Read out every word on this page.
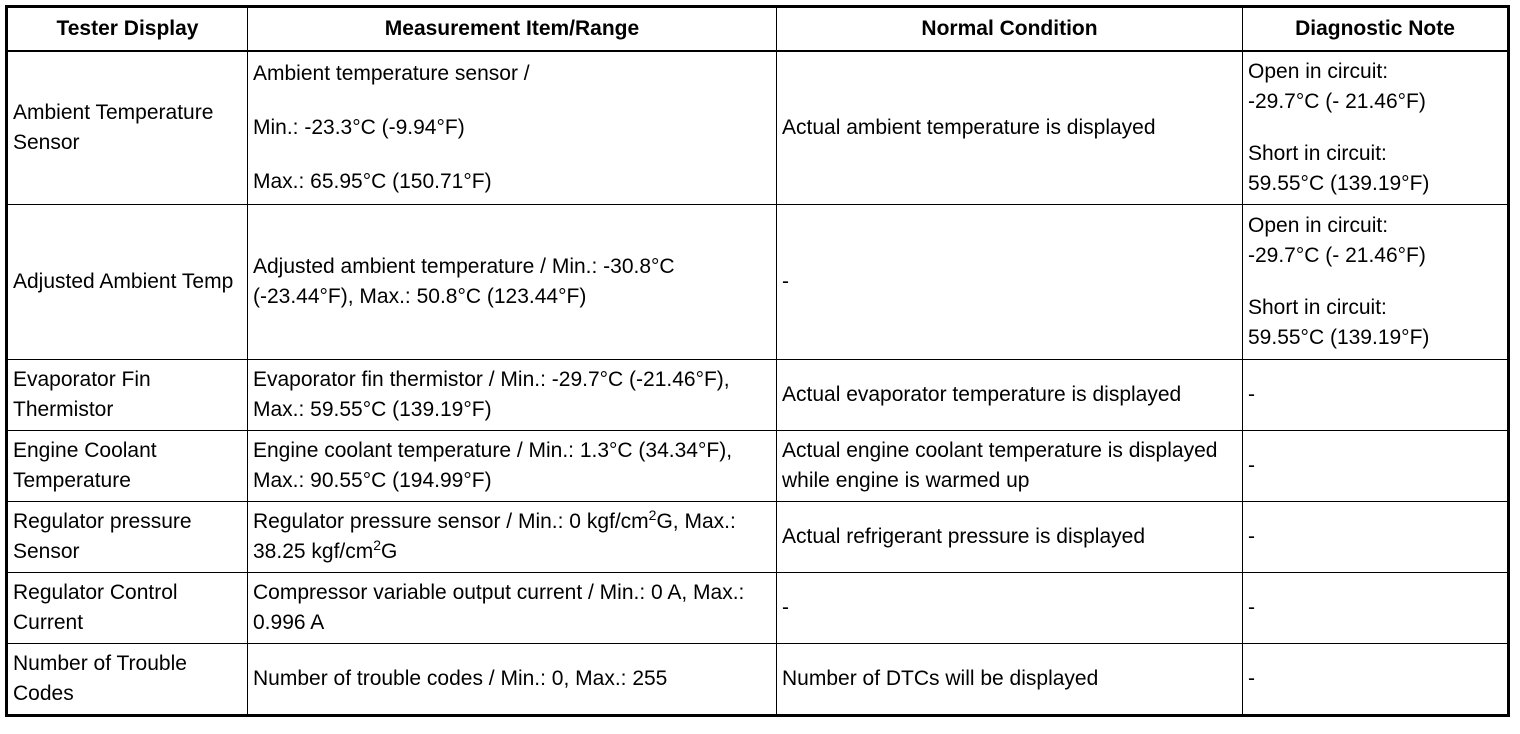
Tester Display	Measurement Item/Range	Normal Condition	Diagnostic Note
Ambient Temperature Sensor	Ambient temperature sensor /
Min.: -23.3°C (-9.94°F)
Max.: 65.95°C (150.71°F)	Actual ambient temperature is displayed	Open in circuit:
-29.7°C (- 21.46°F)
Short in circuit:
59.55°C (139.19°F)

Adjusted Ambient Temp	Adjusted ambient temperature / Min.: -30.8°C (-23.44°F), Max.: 50.8°C (123.44°F)	-	Open in circuit:
-29.7°C (- 21.46°F)
Short in circuit:
59.55°C (139.19°F)

Evaporator Fin Thermistor	Evaporator fin thermistor / Min.: -29.7°C (-21.46°F), Max.: 59.55°C (139.19°F)	Actual evaporator temperature is displayed	-
Engine Coolant Temperature	Engine coolant temperature / Min.: 1.3°C (34.34°F), Max.: 90.55°C (194.99°F)	Actual engine coolant temperature is displayed while engine is warmed up	-
Regulator pressure Sensor	Regulator pressure sensor / Min.: 0 kgf/$cm^2G$, Max.: 38.25 kgf/$cm^2G$	Actual refrigerant pressure is displayed	-
Regulator Control Current	Compressor variable output current / Min.: 0 A, Max.: 0.996 A	-	-
Number of Trouble Codes	Number of trouble codes / Min.: 0, Max.: 255	Number of DTCs will be displayed	-
